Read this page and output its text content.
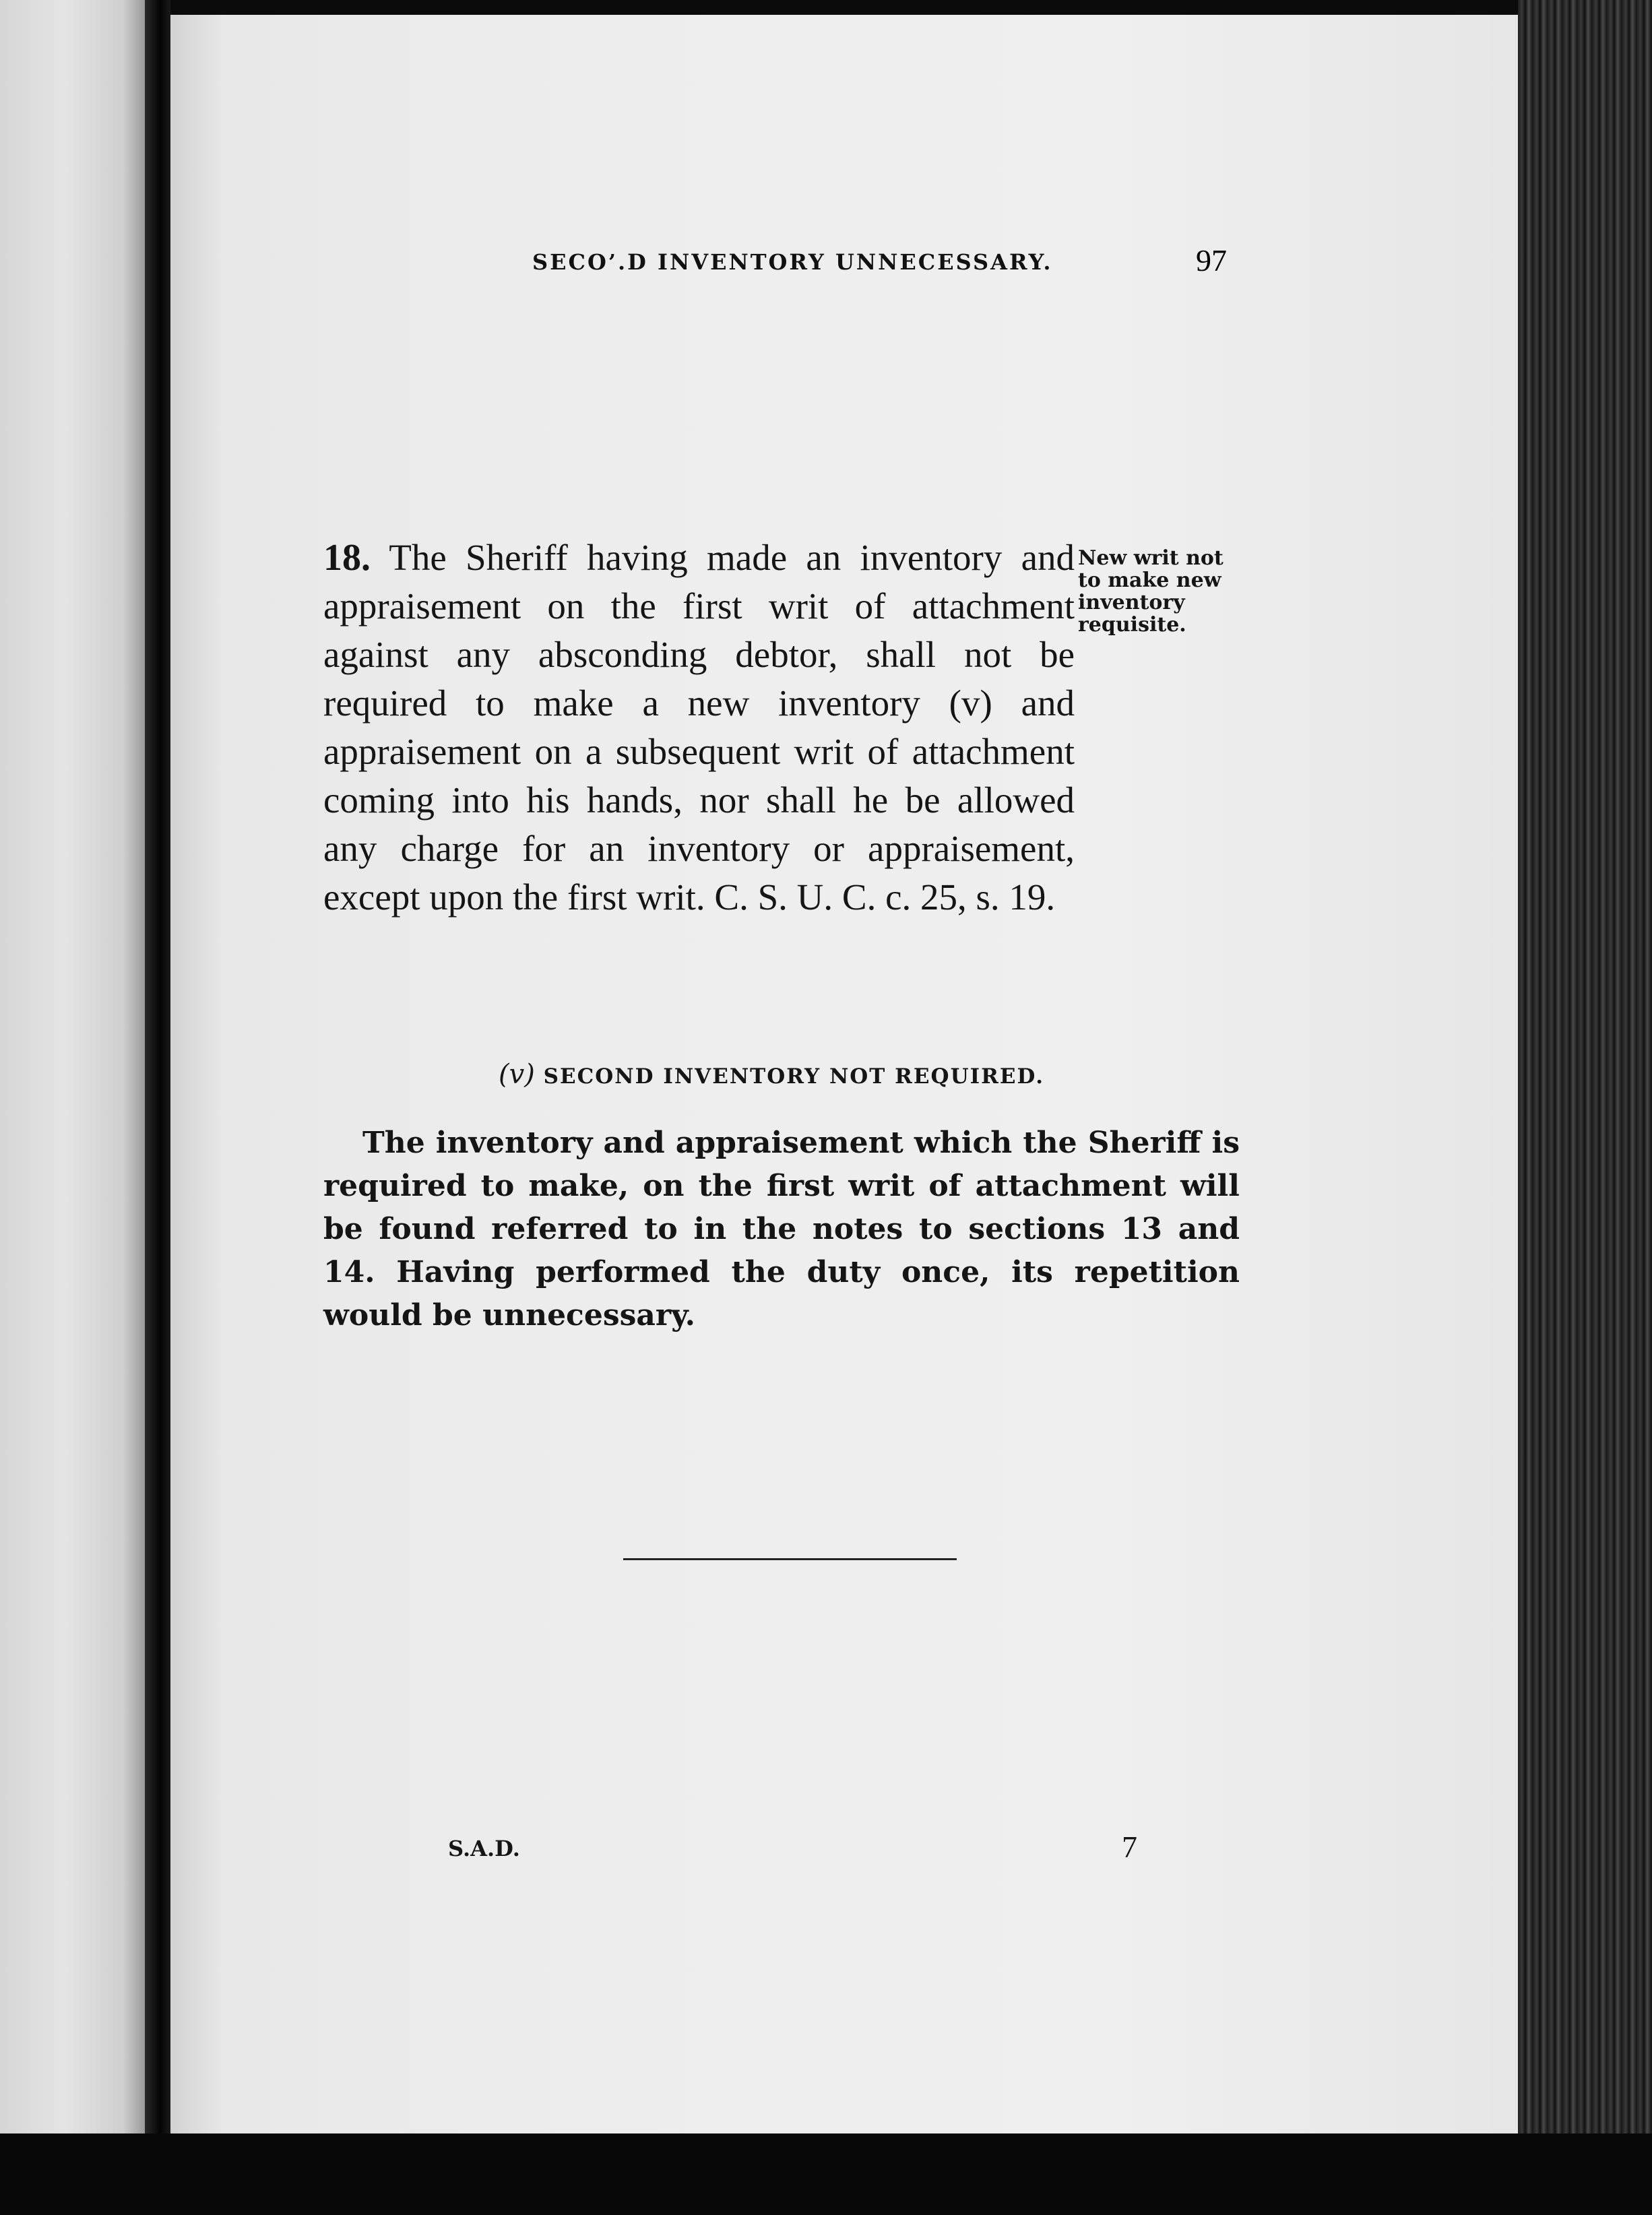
SECO’.D INVENTORY UNNECESSARY.	97
18. The Sheriff having made an inventory and appraisement on the first writ of attachment against any absconding debtor, shall not be required to make a new inventory (v) and appraisement on a subsequent writ of attachment coming into his hands, nor shall he be allowed any charge for an inventory or appraisement, except upon the first writ. C. S. U. C. c. 25, s. 19.
New writ not
to make new
inventory
requisite.
(v) SECOND INVENTORY NOT REQUIRED.
The inventory and appraisement which the Sheriff is required to make, on the first writ of attachment will be found referred to in the notes to sections 13 and 14. Having performed the duty once, its repetition would be unnecessary.
S.A.D.	7
